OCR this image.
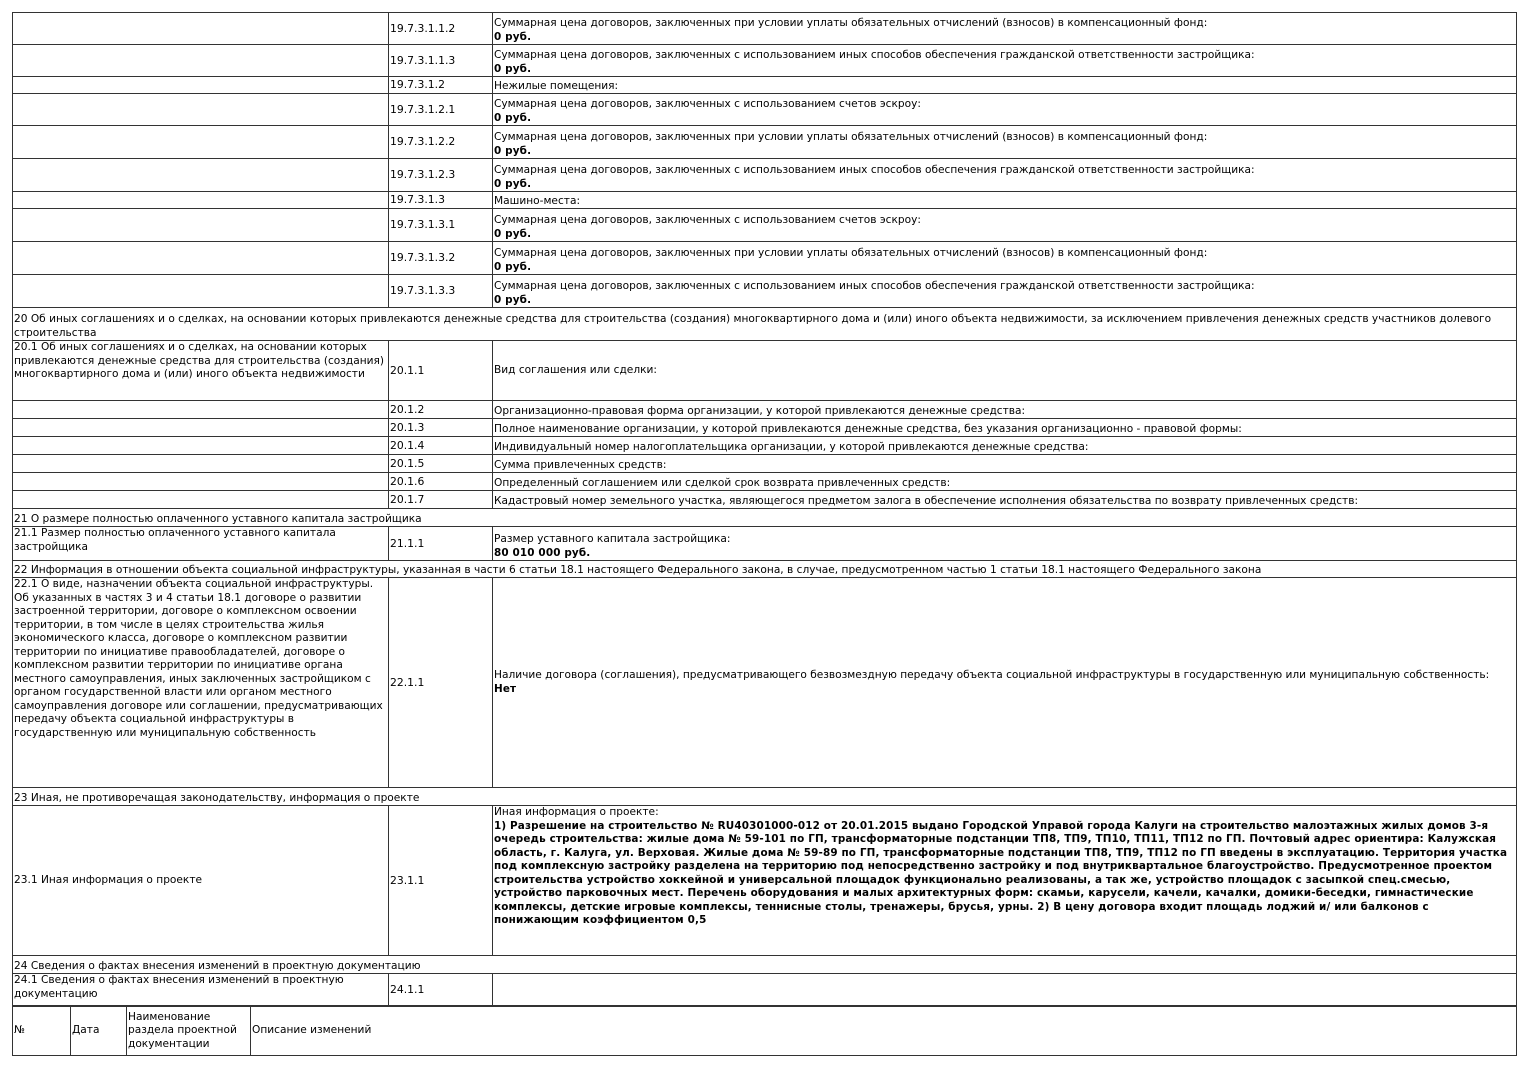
	19.7.3.1.1.2	Суммарная цена договоров, заключенных при условии уплаты обязательных отчислений (взносов) в компенсационный фонд:
0 руб.

	19.7.3.1.1.3	Суммарная цена договоров, заключенных с использованием иных способов обеспечения гражданской ответственности застройщика:
0 руб.

	19.7.3.1.2	Нежилые помещения:

	19.7.3.1.2.1	Суммарная цена договоров, заключенных с использованием счетов эскроу:
0 руб.

	19.7.3.1.2.2	Суммарная цена договоров, заключенных при условии уплаты обязательных отчислений (взносов) в компенсационный фонд:
0 руб.

	19.7.3.1.2.3	Суммарная цена договоров, заключенных с использованием иных способов обеспечения гражданской ответственности застройщика:
0 руб.

	19.7.3.1.3	Машино-места:

	19.7.3.1.3.1	Суммарная цена договоров, заключенных с использованием счетов эскроу:
0 руб.

	19.7.3.1.3.2	Суммарная цена договоров, заключенных при условии уплаты обязательных отчислений (взносов) в компенсационный фонд:
0 руб.

	19.7.3.1.3.3	Суммарная цена договоров, заключенных с использованием иных способов обеспечения гражданской ответственности застройщика:
0 руб.

20 Об иных соглашениях и о сделках, на основании которых привлекаются денежные средства для строительства (создания) многоквартирного дома и (или) иного объекта недвижимости, за исключением привлечения денежных средств участников долевого строительства		
20.1 Об иных соглашениях и о сделках, на основании которых привлекаются денежные средства для строительства (создания) многоквартирного дома и (или) иного объекта недвижимости	20.1.1	Вид соглашения или сделки:

	20.1.2	Организационно-правовая форма организации, у которой привлекаются денежные средства:

	20.1.3	Полное наименование организации, у которой привлекаются денежные средства, без указания организационно - правовой формы:

	20.1.4	Индивидуальный номер налогоплательщика организации, у которой привлекаются денежные средства:

	20.1.5	Сумма привлеченных средств:

	20.1.6	Определенный соглашением или сделкой срок возврата привлеченных средств:

	20.1.7	Кадастровый номер земельного участка, являющегося предметом залога в обеспечение исполнения обязательства по возврату привлеченных средств:

21 О размере полностью оплаченного уставного капитала застройщика		
21.1 Размер полностью оплаченного уставного капитала застройщика	21.1.1	Размер уставного капитала застройщика:
80 010 000 руб.

22 Информация в отношении объекта социальной инфраструктуры, указанная в части 6 статьи 18.1 настоящего Федерального закона, в случае, предусмотренном частью 1 статьи 18.1 настоящего Федерального закона		
22.1 О виде, назначении объекта социальной инфраструктуры. Об указанных в частях 3 и 4 статьи 18.1 договоре о развитии застроенной территории, договоре о комплексном освоении территории, в том числе в целях строительства жилья экономического класса, договоре о комплексном развитии территории по инициативе правообладателей, договоре о комплексном развитии территории по инициативе органа местного самоуправления, иных заключенных застройщиком с органом государственной власти или органом местного самоуправления договоре или соглашении, предусматривающих передачу объекта социальной инфраструктуры в государственную или муниципальную собственность	22.1.1	Наличие договора (соглашения), предусматривающего безвозмездную передачу объекта социальной инфраструктуры в государственную или муниципальную собственность:
Нет

23 Иная, не противоречащая законодательству, информация о проекте		
23.1 Иная информация о проекте	23.1.1	Иная информация о проекте:
1) Разрешение на строительство № RU40301000-012 от 20.01.2015 выдано Городской Управой города Калуги на строительство малоэтажных жилых домов 3-я очередь строительства: жилые дома № 59-101 по ГП, трансформаторные подстанции ТП8, ТП9, ТП10, ТП11, ТП12 по ГП. Почтовый адрес ориентира: Калужская область, г. Калуга, ул. Верховая. Жилые дома № 59-89 по ГП, трансформаторные подстанции ТП8, ТП9, ТП12 по ГП введены в эксплуатацию. Территория участка под комплексную застройку разделена на территорию под непосредственно застройку и под внутриквартальное благоустройство. Предусмотренное проектом строительства устройство хоккейной и универсальной площадок функционально реализованы, а так же, устройство площадок с засыпкой спец.смесью, устройство парковочных мест. Перечень оборудования и малых архитектурных форм: скамьи, карусели, качели, качалки, домики-беседки, гимнастические комплексы, детские игровые комплексы, теннисные столы, тренажеры, брусья, урны. 2) В цену договора входит площадь лоджий и/ или балконов с понижающим коэффициентом 0,5

24 Сведения о фактах внесения изменений в проектную документацию		
24.1 Сведения о фактах внесения изменений в проектную документацию	24.1.1	
№	Дата	Наименование раздела проектной документации	Описание изменений
